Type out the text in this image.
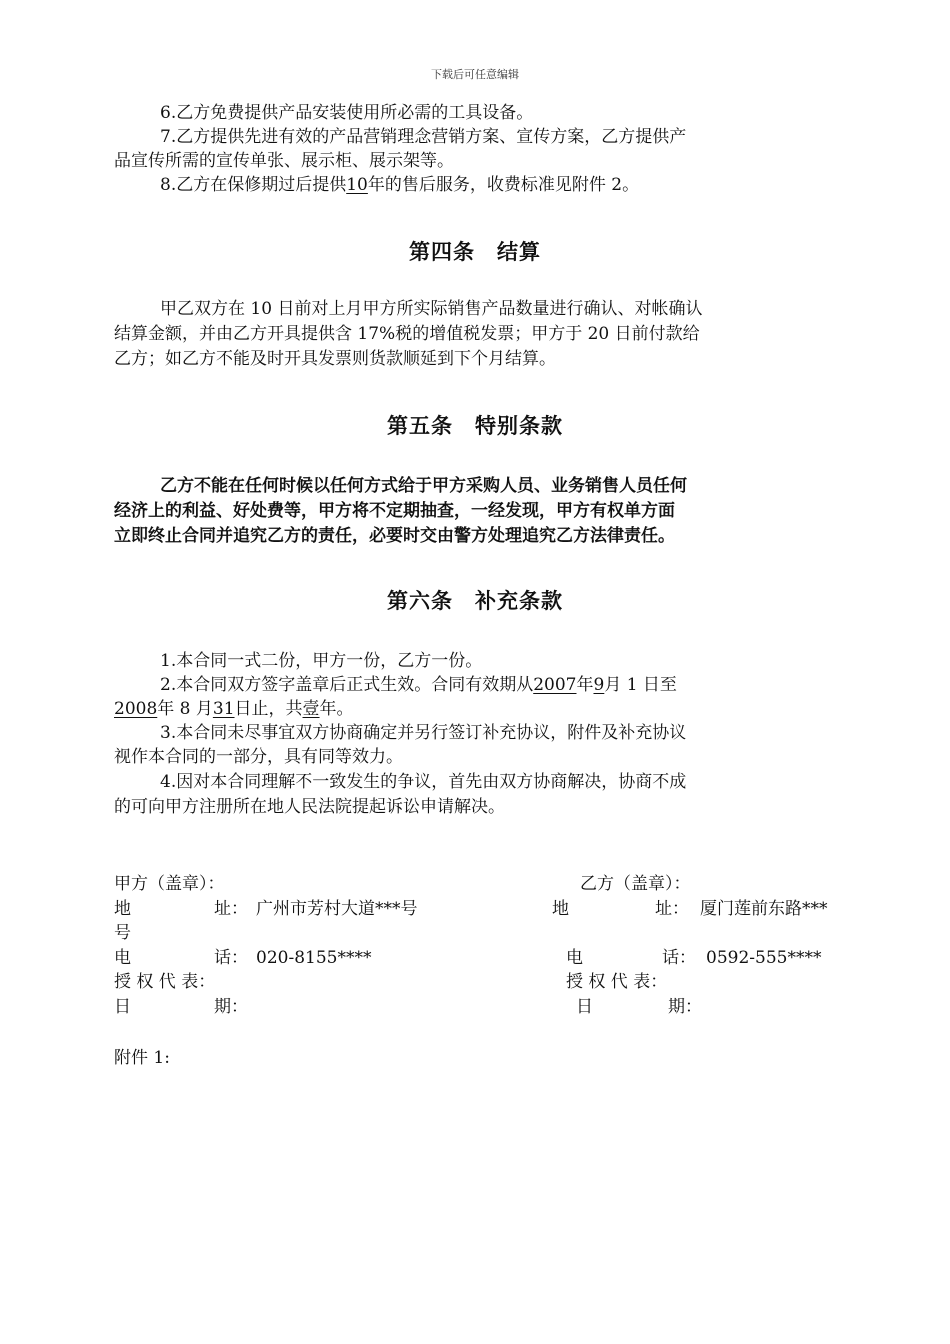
下载后可任意编辑
6.乙方免费提供产品安装使用所必需的工具设备。
7.乙方提供先进有效的产品营销理念营销方案、宣传方案，乙方提供产
品宣传所需的宣传单张、展示柜、展示架等。
8.乙方在保修期过后提供10年的售后服务，收费标准见附件 2。
第四条　结算
甲乙双方在 10 日前对上月甲方所实际销售产品数量进行确认、对帐确认
结算金额，并由乙方开具提供含 17%税的增值税发票；甲方于 20 日前付款给
乙方；如乙方不能及时开具发票则货款顺延到下个月结算。
第五条　特别条款
乙方不能在任何时候以任何方式给于甲方采购人员、业务销售人员任何
经济上的利益、好处费等，甲方将不定期抽查，一经发现，甲方有权单方面
立即终止合同并追究乙方的责任，必要时交由警方处理追究乙方法律责任。
第六条　补充条款
1.本合同一式二份，甲方一份，乙方一份。
2.本合同双方签字盖章后正式生效。合同有效期从2007年9月 1 日至
2008年 8 月31日止，共壹年。
3.本合同未尽事宜双方协商确定并另行签订补充协议，附件及补充协议
视作本合同的一部分，具有同等效力。
4.因对本合同理解不一致发生的争议，首先由双方协商解决，协商不成
的可向甲方注册所在地人民法院提起诉讼申请解决。
甲方（盖章）：
地	址： 广州市芳村大道***号
电	话： 020-8155****
授 权 代 表：
日	期：
乙方（盖章）：
地	址： 厦门莲前东路***
号
电	话： 0592-555****
授 权 代 表：
日	期：
附件 1:
